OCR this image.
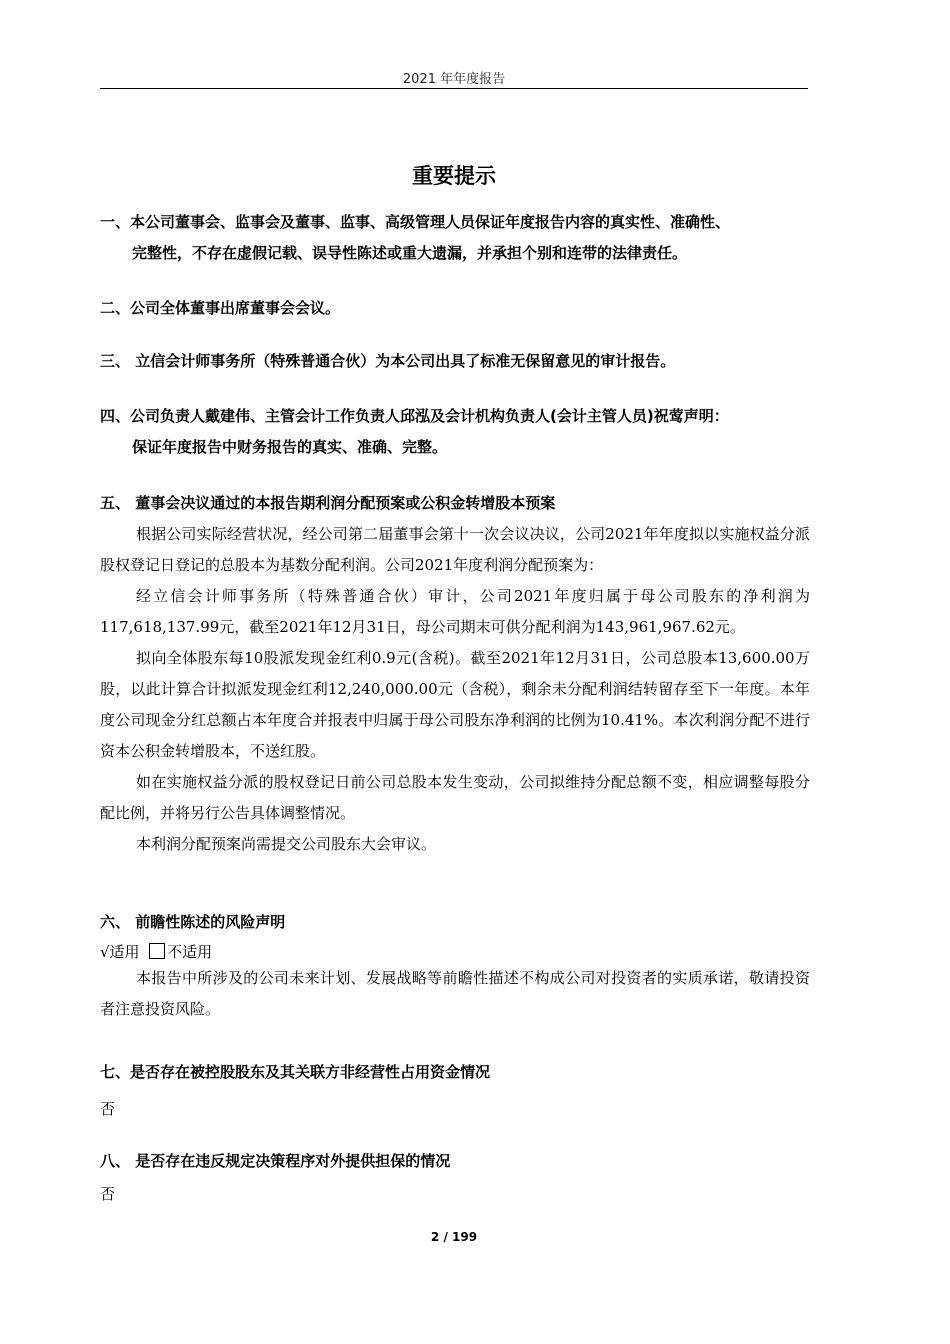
2021 年年度报告
重要提示
一、本公司董事会、监事会及董事、监事、高级管理人员保证年度报告内容的真实性、准确性、
完整性，不存在虚假记载、误导性陈述或重大遗漏，并承担个别和连带的法律责任。
二、公司全体董事出席董事会会议。
三、 立信会计师事务所（特殊普通合伙）为本公司出具了标准无保留意见的审计报告。
四、公司负责人戴建伟、主管会计工作负责人邱泓及会计机构负责人(会计主管人员)祝莺声明：
保证年度报告中财务报告的真实、准确、完整。
五、 董事会决议通过的本报告期利润分配预案或公积金转增股本预案

根据公司实际经营状况，经公司第二届董事会第十一次会议决议，公司2021年年度拟以实施权益分派股权登记日登记的总股本为基数分配利润。公司2021年度利润分配预案为：

经立信会计师事务所（特殊普通合伙）审计，公司2021年度归属于母公司股东的净利润为117,618,137.99元，截至2021年12月31日，母公司期末可供分配利润为143,961,967.62元。

拟向全体股东每10股派发现金红利0.9元(含税)。截至2021年12月31日，公司总股本13,600.00万股，以此计算合计拟派发现金红利12,240,000.00元（含税），剩余未分配利润结转留存至下一年度。本年度公司现金分红总额占本年度合并报表中归属于母公司股东净利润的比例为10.41%。本次利润分配不进行资本公积金转增股本，不送红股。

如在实施权益分派的股权登记日前公司总股本发生变动，公司拟维持分配总额不变，相应调整每股分配比例，并将另行公告具体调整情况。

本利润分配预案尚需提交公司股东大会审议。

六、 前瞻性陈述的风险声明
√适用 不适用

本报告中所涉及的公司未来计划、发展战略等前瞻性描述不构成公司对投资者的实质承诺，敬请投资者注意投资风险。

七、是否存在被控股股东及其关联方非经营性占用资金情况
否
八、 是否存在违反规定决策程序对外提供担保的情况
否
2 / 199
